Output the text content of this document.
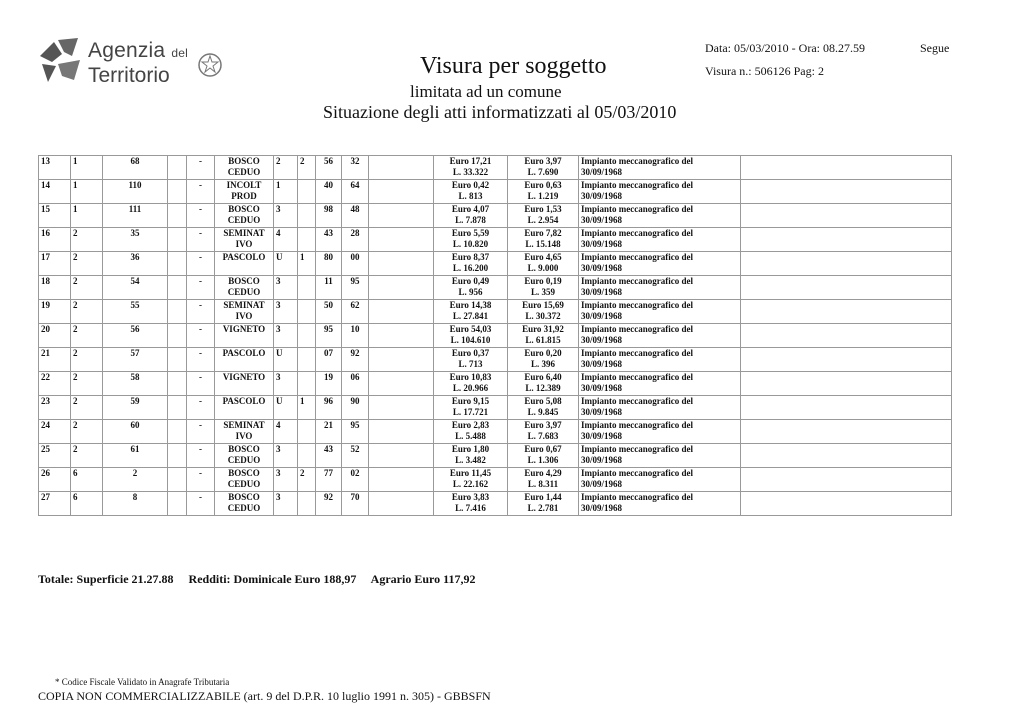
Agenzia del
Territorio	Visura per soggetto
limitata ad un comune
Situazione degli atti informatizzati al 05/03/2010
Data: 05/03/2010 - Ora: 08.27.59	Segue
Visura n.: 506126 Pag: 2
13	1	68		-	BOSCO
CEDUO	2	2	56	32		Euro 17,21
L. 33.322	Euro 3,97
L. 7.690	Impianto meccanografico del
30/09/1968	
14	1	110		-	INCOLT
PROD	1		40	64		Euro 0,42
L. 813	Euro 0,63
L. 1.219	Impianto meccanografico del
30/09/1968	
15	1	111		-	BOSCO
CEDUO	3		98	48		Euro 4,07
L. 7.878	Euro 1,53
L. 2.954	Impianto meccanografico del
30/09/1968	
16	2	35		-	SEMINAT
IVO	4		43	28		Euro 5,59
L. 10.820	Euro 7,82
L. 15.148	Impianto meccanografico del
30/09/1968	
17	2	36		-	PASCOLO	U	1	80	00		Euro 8,37
L. 16.200	Euro 4,65
L. 9.000	Impianto meccanografico del
30/09/1968	
18	2	54		-	BOSCO
CEDUO	3		11	95		Euro 0,49
L. 956	Euro 0,19
L. 359	Impianto meccanografico del
30/09/1968	
19	2	55		-	SEMINAT
IVO	3		50	62		Euro 14,38
L. 27.841	Euro 15,69
L. 30.372	Impianto meccanografico del
30/09/1968	
20	2	56		-	VIGNETO	3		95	10		Euro 54,03
L. 104.610	Euro 31,92
L. 61.815	Impianto meccanografico del
30/09/1968	
21	2	57		-	PASCOLO	U		07	92		Euro 0,37
L. 713	Euro 0,20
L. 396	Impianto meccanografico del
30/09/1968	
22	2	58		-	VIGNETO	3		19	06		Euro 10,83
L. 20.966	Euro 6,40
L. 12.389	Impianto meccanografico del
30/09/1968	
23	2	59		-	PASCOLO	U	1	96	90		Euro 9,15
L. 17.721	Euro 5,08
L. 9.845	Impianto meccanografico del
30/09/1968	
24	2	60		-	SEMINAT
IVO	4		21	95		Euro 2,83
L. 5.488	Euro 3,97
L. 7.683	Impianto meccanografico del
30/09/1968	
25	2	61		-	BOSCO
CEDUO	3		43	52		Euro 1,80
L. 3.482	Euro 0,67
L. 1.306	Impianto meccanografico del
30/09/1968	
26	6	2		-	BOSCO
CEDUO	3	2	77	02		Euro 11,45
L. 22.162	Euro 4,29
L. 8.311	Impianto meccanografico del
30/09/1968	
27	6	8		-	BOSCO
CEDUO	3		92	70		Euro 3,83
L. 7.416	Euro 1,44
L. 2.781	Impianto meccanografico del
30/09/1968	
Totale: Superficie 21.27.88 Redditi: Dominicale Euro 188,97 Agrario Euro 117,92
* Codice Fiscale Validato in Anagrafe Tributaria
COPIA NON COMMERCIALIZZABILE (art. 9 del D.P.R. 10 luglio 1991 n. 305) - GBBSFN
